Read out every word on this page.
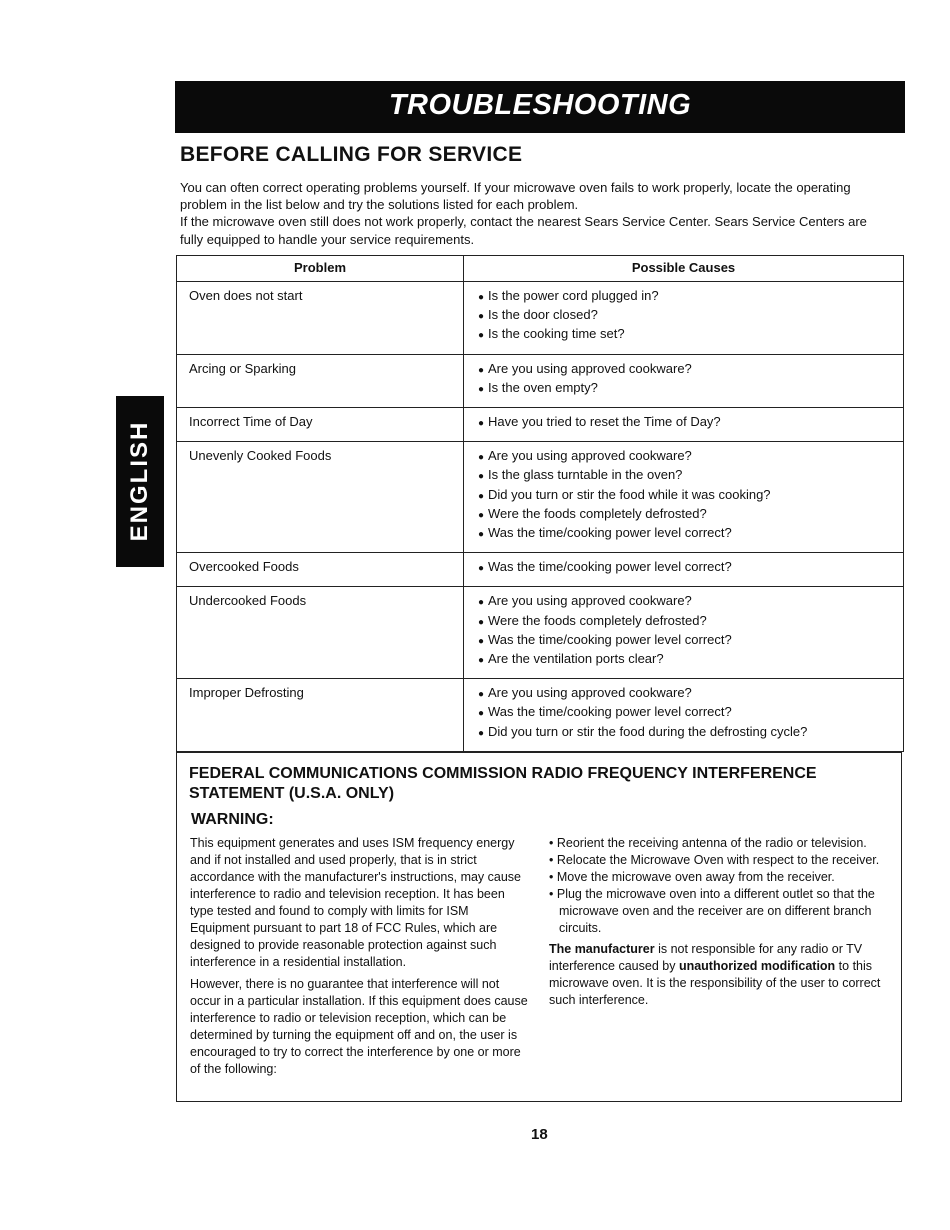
TROUBLESHOOTING
ENGLISH
BEFORE CALLING FOR SERVICE

You can often correct operating problems yourself. If your microwave oven fails to work properly, locate the operating problem in the list below and try the solutions listed for each problem.

If the microwave oven still does not work properly, contact the nearest Sears Service Center. Sears Service Centers are fully equipped to handle your service requirements.

Problem	Possible Causes
Oven does not start	● Is the power cord plugged in?
● Is the door closed?
● Is the cooking time set?

Arcing or Sparking	● Are you using approved cookware?
● Is the oven empty?

Incorrect Time of Day	● Have you tried to reset the Time of Day?

Unevenly Cooked Foods	● Are you using approved cookware?
● Is the glass turntable in the oven?
● Did you turn or stir the food while it was cooking?
● Were the foods completely defrosted?
● Was the time/cooking power level correct?

Overcooked Foods	● Was the time/cooking power level correct?

Undercooked Foods	● Are you using approved cookware?
● Were the foods completely defrosted?
● Was the time/cooking power level correct?
● Are the ventilation ports clear?

Improper Defrosting	● Are you using approved cookware?
● Was the time/cooking power level correct?
● Did you turn or stir the food during the defrosting cycle?
FEDERAL COMMUNICATIONS COMMISSION RADIO FREQUENCY INTERFERENCE STATEMENT (U.S.A. ONLY)
WARNING:

This equipment generates and uses ISM frequency energy and if not installed and used properly, that is in strict accordance with the manufacturer's instructions, may cause interference to radio and television reception. It has been type tested and found to comply with limits for ISM Equipment pursuant to part 18 of FCC Rules, which are designed to provide reasonable protection against such interference in a residential installation.

However, there is no guarantee that interference will not occur in a particular installation. If this equipment does cause interference to radio or television reception, which can be determined by turning the equipment off and on, the user is encouraged to try to correct the interference by one or more of the following:

• Reorient the receiving antenna of the radio or television.
• Relocate the Microwave Oven with respect to the receiver.
• Move the microwave oven away from the receiver.
• Plug the microwave oven into a different outlet so that the microwave oven and the receiver are on different branch circuits.

The manufacturer is not responsible for any radio or TV interference caused by unauthorized modification to this microwave oven. It is the responsibility of the user to correct such interference.

18
